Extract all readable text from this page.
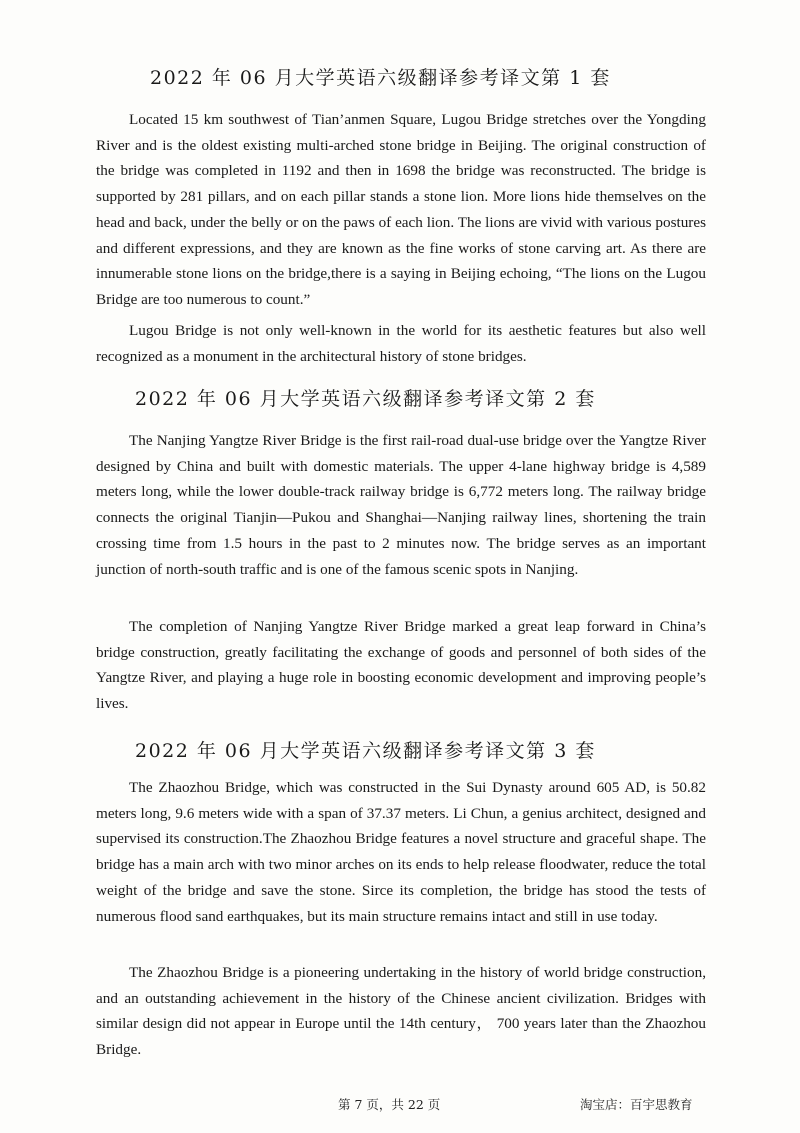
2022 年 06 月大学英语六级翻译参考译文第 1 套

Located 15 km southwest of Tian’anmen Square, Lugou Bridge stretches over the Yongding River and is the oldest existing multi-arched stone bridge in Beijing. The original construction of the bridge was completed in 1192 and then in 1698 the bridge was reconstructed. The bridge is supported by 281 pillars, and on each pillar stands a stone lion. More lions hide themselves on the head and back, under the belly or on the paws of each lion. The lions are vivid with various postures and different expressions, and they are known as the fine works of stone carving art. As there are innumerable stone lions on the bridge,there is a saying in Beijing echoing, “The lions on the Lugou Bridge are too numerous to count.”

Lugou Bridge is not only well-known in the world for its aesthetic features but also well recognized as a monument in the architectural history of stone bridges.

2022 年 06 月大学英语六级翻译参考译文第 2 套

The Nanjing Yangtze River Bridge is the first rail-road dual-use bridge over the Yangtze River designed by China and built with domestic materials. The upper 4-lane highway bridge is 4,589 meters long, while the lower double-track railway bridge is 6,772 meters long. The railway bridge connects the original Tianjin—Pukou and Shanghai—Nanjing railway lines, shortening the train crossing time from 1.5 hours in the past to 2 minutes now. The bridge serves as an important junction of north-south traffic and is one of the famous scenic spots in Nanjing.

The completion of Nanjing Yangtze River Bridge marked a great leap forward in China’s bridge construction, greatly facilitating the exchange of goods and personnel of both sides of the Yangtze River, and playing a huge role in boosting economic development and improving people’s lives.

2022 年 06 月大学英语六级翻译参考译文第 3 套

The Zhaozhou Bridge, which was constructed in the Sui Dynasty around 605 AD, is 50.82 meters long, 9.6 meters wide with a span of 37.37 meters. Li Chun, a genius architect, designed and supervised its construction.The Zhaozhou Bridge features a novel structure and graceful shape. The bridge has a main arch with two minor arches on its ends to help release floodwater, reduce the total weight of the bridge and save the stone. Sirce its completion, the bridge has stood the tests of numerous flood sand earthquakes, but its main structure remains intact and still in use today.

The Zhaozhou Bridge is a pioneering undertaking in the history of world bridge construction, and an outstanding achievement in the history of the Chinese ancient civilization. Bridges with similar design did not appear in Europe until the 14th century， 700 years later than the Zhaozhou Bridge.

第 7 页，共 22 页	淘宝店：百宇思教育
